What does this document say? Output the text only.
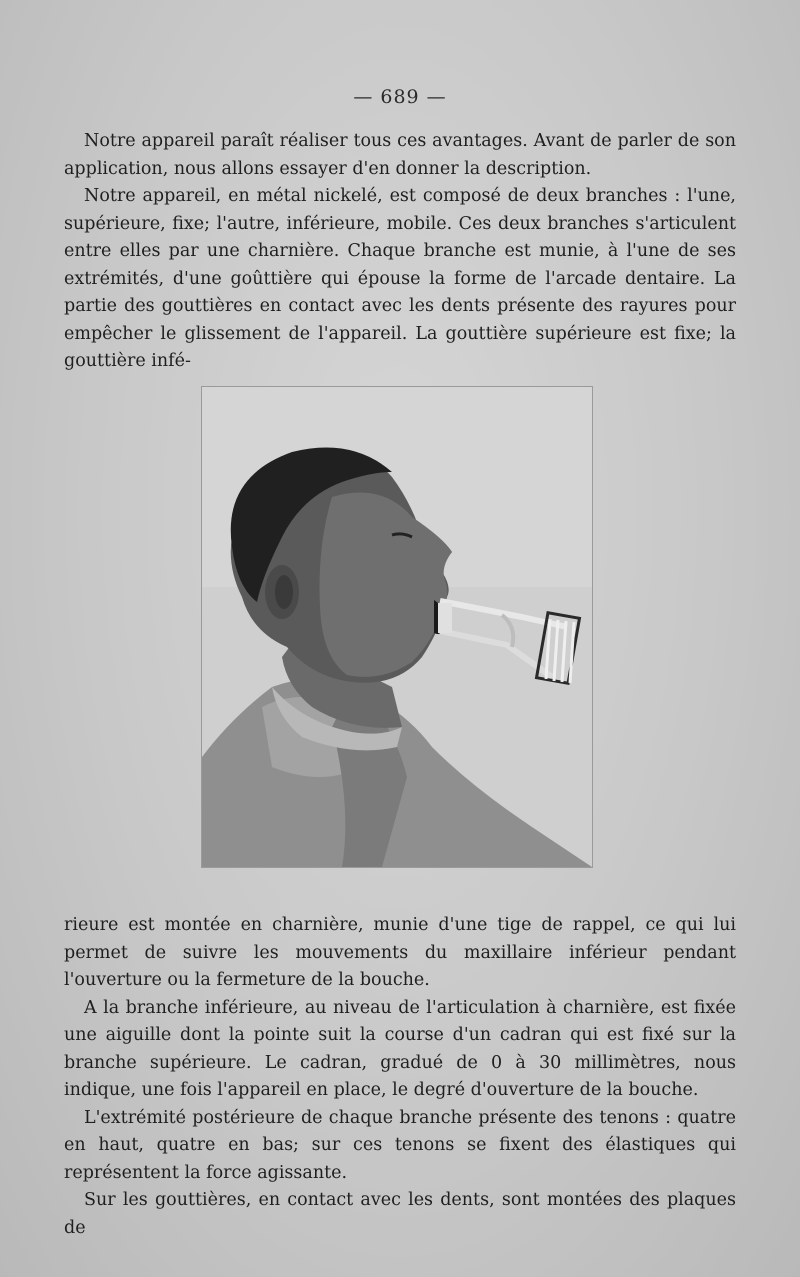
— 689 —

Notre appareil paraît réaliser tous ces avantages. Avant de parler de son application, nous allons essayer d'en donner la description.

Notre appareil, en métal nickelé, est composé de deux branches : l'une, supérieure, fixe; l'autre, inférieure, mobile. Ces deux branches s'articulent entre elles par une charnière. Chaque branche est munie, à l'une de ses extrémités, d'une goûttière qui épouse la forme de l'arcade dentaire. La partie des gouttières en contact avec les dents présente des rayures pour empêcher le glissement de l'appareil. La gouttière supérieure est fixe; la gouttière infé-

rieure est montée en charnière, munie d'une tige de rappel, ce qui lui permet de suivre les mouvements du maxillaire inférieur pendant l'ouverture ou la fermeture de la bouche.

A la branche inférieure, au niveau de l'articulation à charnière, est fixée une aiguille dont la pointe suit la course d'un cadran qui est fixé sur la branche supérieure. Le cadran, gradué de 0 à 30 millimètres, nous indique, une fois l'appareil en place, le degré d'ouverture de la bouche.

L'extrémité postérieure de chaque branche présente des tenons : quatre en haut, quatre en bas; sur ces tenons se fixent des élastiques qui représentent la force agissante.

Sur les gouttières, en contact avec les dents, sont montées des plaques de
